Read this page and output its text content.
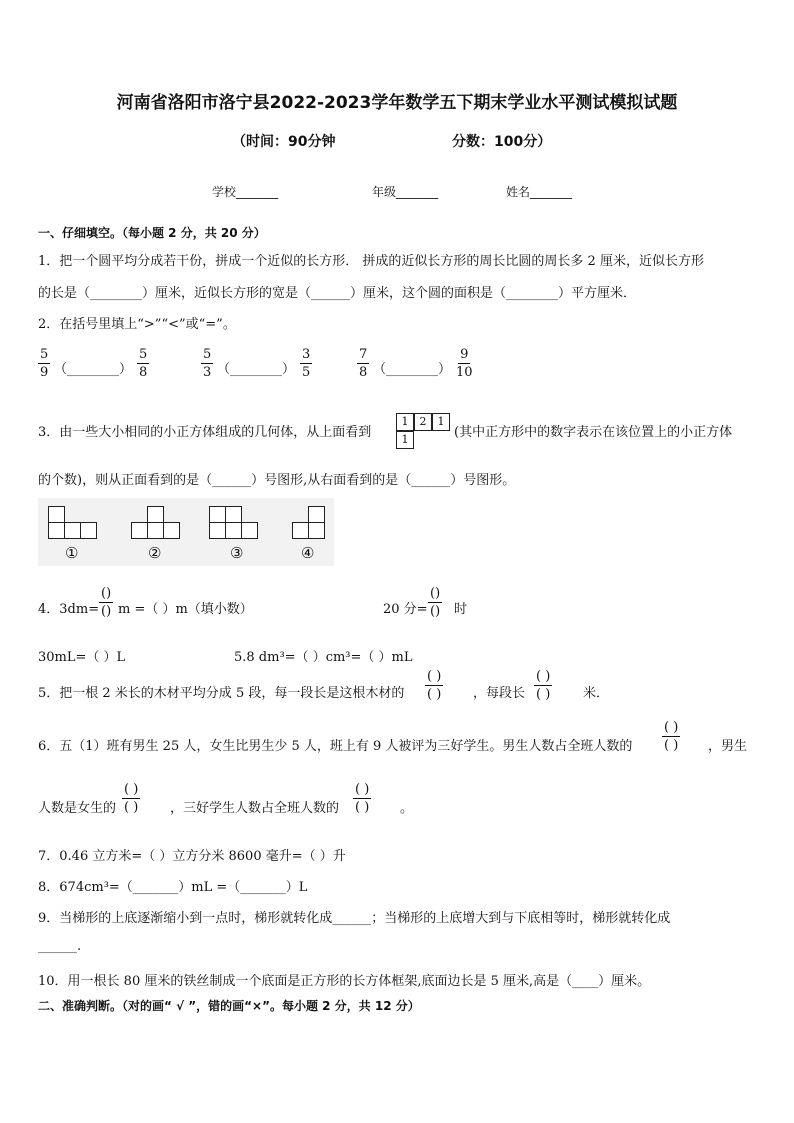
河南省洛阳市洛宁县2022-2023学年数学五下期末学业水平测试模拟试题
（时间：90分钟	分数：100分）
学校_______	年级_______	姓名_______
一、仔细填空。（每小题 2 分，共 20 分）
1．把一个圆平均分成若干份，拼成一个近似的长方形． 拼成的近似长方形的周长比圆的周长多 2 厘米，近似长方形
的长是（________）厘米，近似长方形的宽是（______）厘米，这个圆的面积是（________）平方厘米．
2．在括号里填上“>”“<”或“=”。
$\frac{5}{9}$ （________） $\frac{5}{8}$	$\frac{5}{3}$ （________） $\frac{3}{5}$	$\frac{7}{8}$ （________） $\frac{9}{10}$
3．由一些大小相同的小正方体组成的几何体，从上面看到
1	2	1
1	(其中正方形中的数字表示在该位置上的小正方体
的个数)，则从正面看到的是（______）号图形,从右面看到的是（______）号图形。
①	②	③	④
4．3dm=
()
() m =（ ）m（填小数）	20 分=
()
() 时
30mL=（ ）L	5.8 dm³=（ ）cm³=（ ）mL
5．把一根 2 米长的木材平均分成 5 段，每一段长是这根木材的
( )
( ) ，每段长
( )
( )	米．
6．五（1）班有男生 25 人，女生比男生少 5 人，班上有 9 人被评为三好学生。男生人数占全班人数的
( )
( ) ，男生
人数是女生的
( )
( ) ，三好学生人数占全班人数的
( )
( ) 。
7．0.46 立方米=（ ）立方分米 8600 毫升=（ ）升
8．674cm³=（_______）mL =（_______）L
9．当梯形的上底逐渐缩小到一点时，梯形就转化成______；当梯形的上底增大到与下底相等时，梯形就转化成
______.
10．用一根长 80 厘米的铁丝制成一个底面是正方形的长方体框架,底面边长是 5 厘米,高是（____）厘米。
二、准确判断。（对的画“ √ ”，错的画“×”。每小题 2 分，共 12 分）
